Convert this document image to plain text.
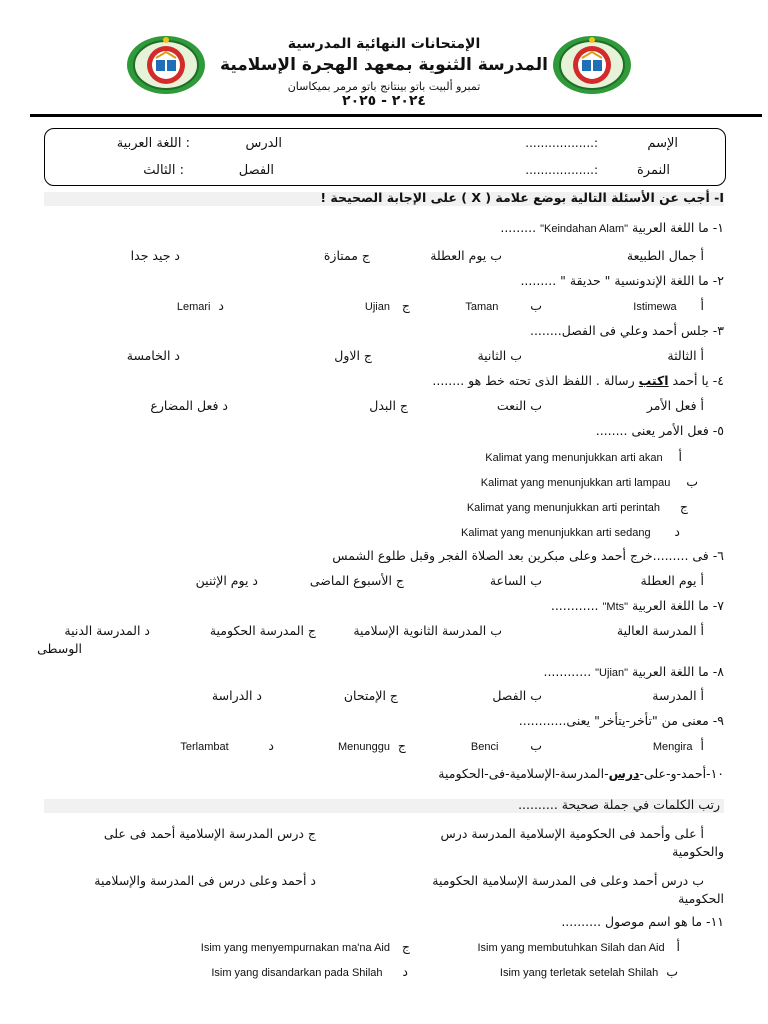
الإمتحانات النهائية المدرسية
المدرسة الثنوية بمعهد الهجرة الإسلامية
تمبرو ألبيت باتو بينتانج باتو مرمر بميكاسان
٢٠٢٤ - ٢٠٢٥
الإسم
:..................
النمرة
:..................
الدرس
: اللغة العربية
الفصل
: الثالث
I- أجب عن الأسئلة التالية بوضع علامة ( X ) على الإجابة الصحيحة !
١- ما اللغة العربية "Keindahan Alam" .........
أ جمال الطبيعة
ب يوم العطلة
ج ممتازة
د جيد جدا
٢- ما اللغة الإندونسية " حديقة " .........
أ      Istimewa
ب        Taman
ج   Ujian
د  Lemari
٣- جلس أحمد وعلي فى الفصل........
أ الثالثة
ب الثانية
ج الاول
د الخامسة
٤- يا أحمد اكتب رسالة . اللفظ الذى تحته خط هو ........
أ فعل الأمر
ب النعت
ج البدل
د فعل المضارع
٥- فعل الأمر يعنى ........
أ    Kalimat yang menunjukkan arti akan
ب    Kalimat yang menunjukkan arti lampau
ج     Kalimat yang menunjukkan arti perintah
د      Kalimat yang menunjukkan arti sedang
٦- فى .........خرج أحمد وعلى مبكرين بعد الصلاة الفجر وقبل طلوع الشمس
أ يوم العطلة
ب الساعة
ج الأسبوع الماضى
د يوم الإثنين
٧- ما اللغة العربية "Mts" ............
أ المدرسة العالية
ب المدرسة الثانوية الإسلامية
ج المدرسة الحكومية
د المدرسة الدنية
الوسطى
٨- ما اللغة العربية "Ujian" ............
أ المدرسة
ب الفصل
ج الإمتحان
د الدراسة
٩- معنى من "تأخر-يتأخر" يعنى............
أ  Mengira
ب        Benci
ج  Menunggu
د          Terlambat
١٠-أحمد-و-على-درس-المدرسة-الإسلامية-فى-الحكومية
رتب الكلمات في جملة صحيحة ..........
أ على وأحمد فى الحكومية الإسلامية المدرسة درس
والحكومية
ج درس المدرسة الإسلامية أحمد فى على
ب درس أحمد وعلى فى المدرسة الإسلامية الحكومية
الحكومية
د أحمد وعلى درس فى المدرسة والإسلامية
١١- ما هو اسم موصول ..........
أ   Isim yang membutuhkan Silah dan Aid
ج   Isim yang menyempurnakan ma'na Aid
ب  Isim yang terletak setelah Shilah
د     Isim yang disandarkan pada Shilah
